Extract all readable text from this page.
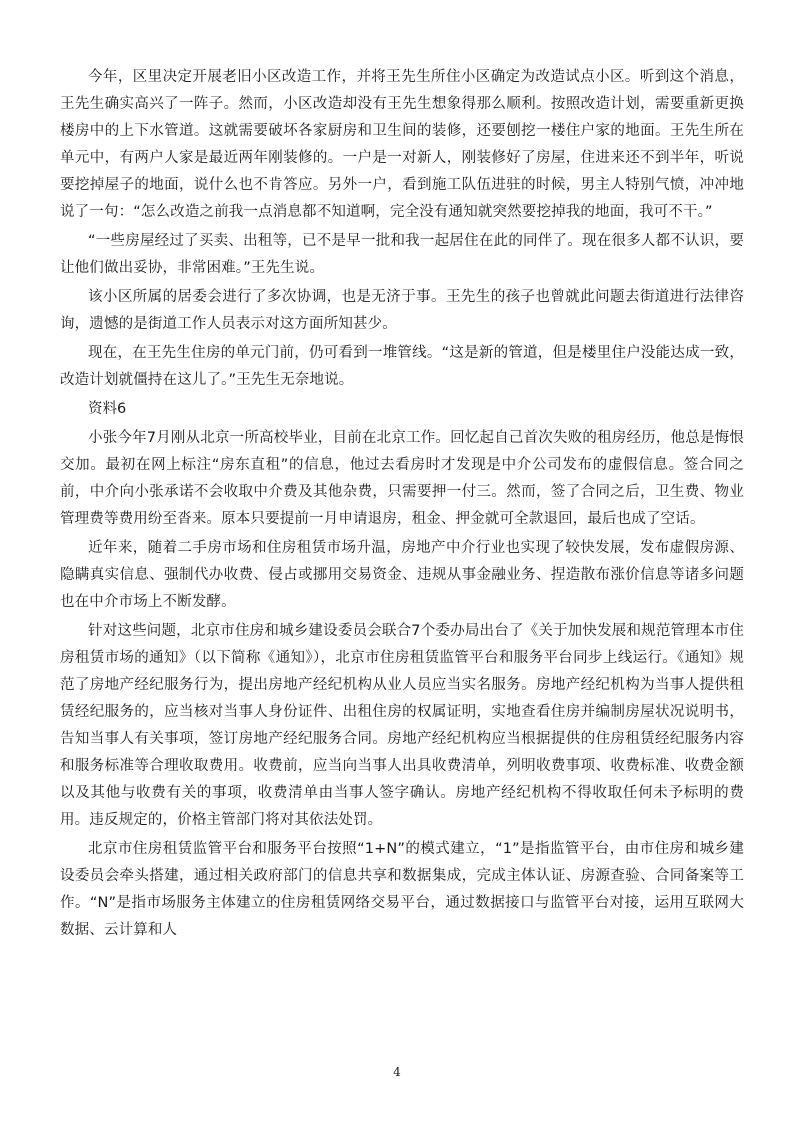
今年，区里决定开展老旧小区改造工作，并将王先生所住小区确定为改造试点小区。听到这个消息，王先生确实高兴了一阵子。然而，小区改造却没有王先生想象得那么顺利。按照改造计划，需要重新更换楼房中的上下水管道。这就需要破坏各家厨房和卫生间的装修，还要刨挖一楼住户家的地面。王先生所在单元中，有两户人家是最近两年刚装修的。一户是一对新人，刚装修好了房屋，住进来还不到半年，听说要挖掉屋子的地面，说什么也不肯答应。另外一户，看到施工队伍进驻的时候，男主人特别气愤，冲冲地说了一句：“怎么改造之前我一点消息都不知道啊，完全没有通知就突然要挖掉我的地面，我可不干。”

“一些房屋经过了买卖、出租等，已不是早一批和我一起居住在此的同伴了。现在很多人都不认识，要让他们做出妥协，非常困难。”王先生说。

该小区所属的居委会进行了多次协调，也是无济于事。王先生的孩子也曾就此问题去街道进行法律咨询，遗憾的是街道工作人员表示对这方面所知甚少。

现在，在王先生住房的单元门前，仍可看到一堆管线。“这是新的管道，但是楼里住户没能达成一致，改造计划就僵持在这儿了。”王先生无奈地说。

资料6

小张今年7月刚从北京一所高校毕业，目前在北京工作。回忆起自己首次失败的租房经历，他总是悔恨交加。最初在网上标注“房东直租”的信息，他过去看房时才发现是中介公司发布的虚假信息。签合同之前，中介向小张承诺不会收取中介费及其他杂费，只需要押一付三。然而，签了合同之后，卫生费、物业管理费等费用纷至沓来。原本只要提前一月申请退房，租金、押金就可全款退回，最后也成了空话。

近年来，随着二手房市场和住房租赁市场升温，房地产中介行业也实现了较快发展，发布虚假房源、隐瞒真实信息、强制代办收费、侵占或挪用交易资金、违规从事金融业务、捏造散布涨价信息等诸多问题也在中介市场上不断发酵。

针对这些问题，北京市住房和城乡建设委员会联合7个委办局出台了《关于加快发展和规范管理本市住房租赁市场的通知》（以下简称《通知》），北京市住房租赁监管平台和服务平台同步上线运行。《通知》规范了房地产经纪服务行为，提出房地产经纪机构从业人员应当实名服务。房地产经纪机构为当事人提供租赁经纪服务的，应当核对当事人身份证件、出租住房的权属证明，实地查看住房并编制房屋状况说明书，告知当事人有关事项，签订房地产经纪服务合同。房地产经纪机构应当根据提供的住房租赁经纪服务内容和服务标准等合理收取费用。收费前，应当向当事人出具收费清单，列明收费事项、收费标准、收费金额以及其他与收费有关的事项，收费清单由当事人签字确认。房地产经纪机构不得收取任何未予标明的费用。违反规定的，价格主管部门将对其依法处罚。

北京市住房租赁监管平台和服务平台按照“1+N”的模式建立，“1”是指监管平台，由市住房和城乡建设委员会牵头搭建，通过相关政府部门的信息共享和数据集成，完成主体认证、房源查验、合同备案等工作。“N”是指市场服务主体建立的住房租赁网络交易平台，通过数据接口与监管平台对接，运用互联网大数据、云计算和人

4
